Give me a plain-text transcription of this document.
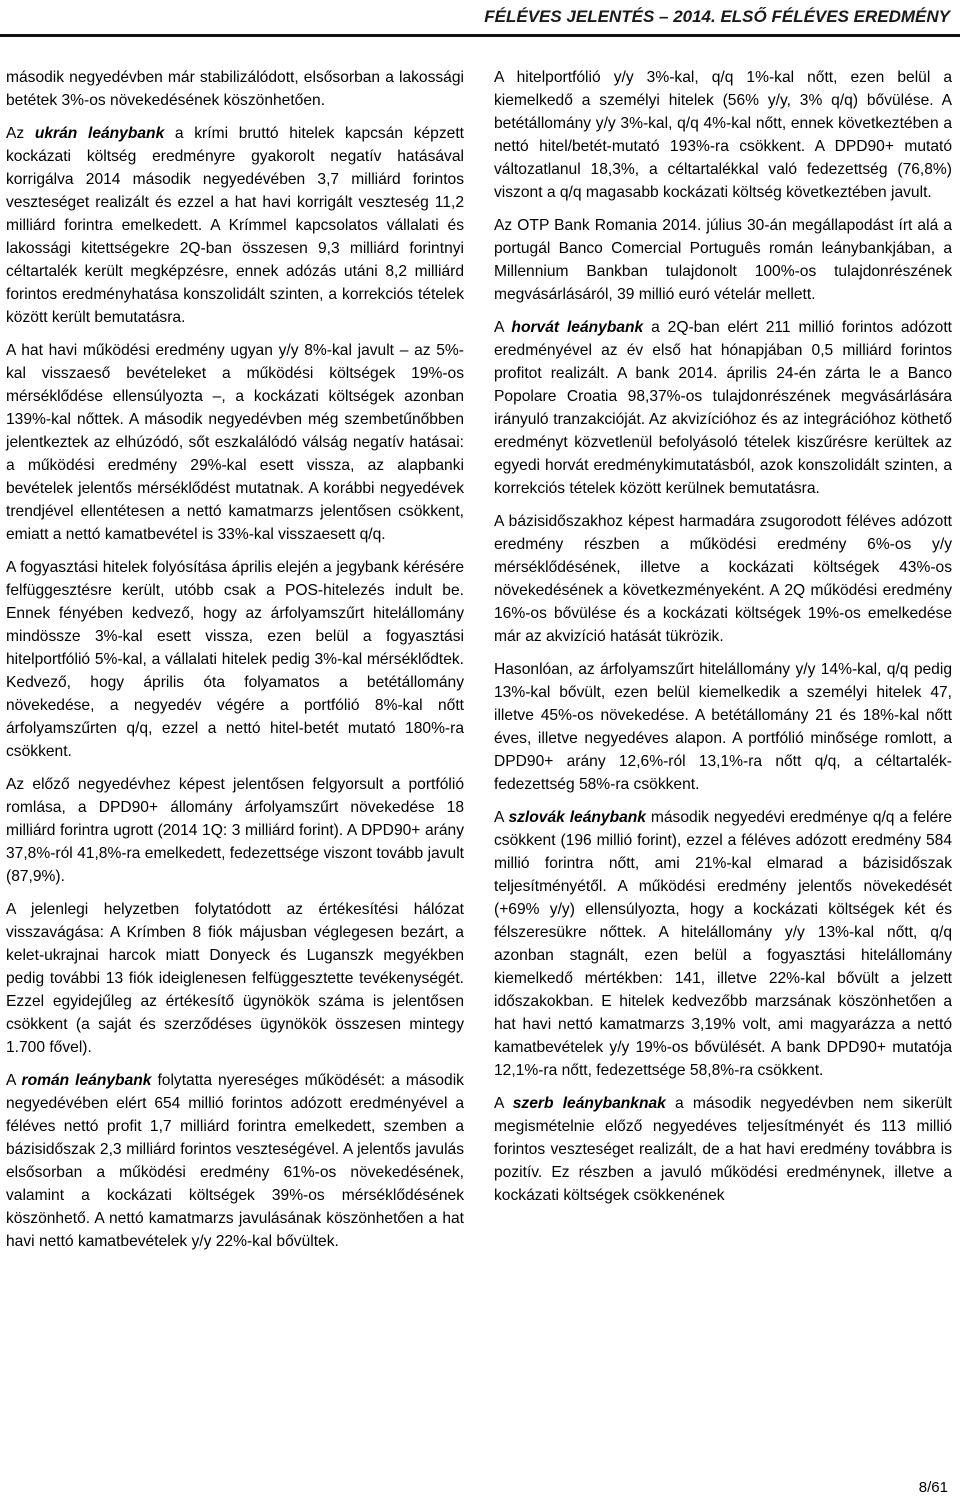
FÉLÉVES JELENTÉS – 2014. ELSŐ FÉLÉVES EREDMÉNY

második negyedévben már stabilizálódott, elsősorban a lakossági betétek 3%-os növekedésének köszönhetően.

Az ukrán leánybank a krími bruttó hitelek kapcsán képzett kockázati költség eredményre gyakorolt negatív hatásával korrigálva 2014 második negyedévében 3,7 milliárd forintos veszteséget realizált és ezzel a hat havi korrigált veszteség 11,2 milliárd forintra emelkedett. A Krímmel kapcsolatos vállalati és lakossági kitettségekre 2Q-ban összesen 9,3 milliárd forintnyi céltartalék került megképzésre, ennek adózás utáni 8,2 milliárd forintos eredményhatása konszolidált szinten, a korrekciós tételek között került bemutatásra.

A hat havi működési eredmény ugyan y/y 8%-kal javult – az 5%-kal visszaeső bevételeket a működési költségek 19%-os mérséklődése ellensúlyozta –, a kockázati költségek azonban 139%-kal nőttek. A második negyedévben még szembetűnőbben jelentkeztek az elhúzódó, sőt eszkalálódó válság negatív hatásai: a működési eredmény 29%-kal esett vissza, az alapbanki bevételek jelentős mérséklődést mutatnak. A korábbi negyedévek trendjével ellentétesen a nettó kamatmarzs jelentősen csökkent, emiatt a nettó kamatbevétel is 33%-kal visszaesett q/q.

A fogyasztási hitelek folyósítása április elején a jegybank kérésére felfüggesztésre került, utóbb csak a POS-hitelezés indult be. Ennek fényében kedvező, hogy az árfolyamszűrt hitelállomány mindössze 3%-kal esett vissza, ezen belül a fogyasztási hitelportfólió 5%-kal, a vállalati hitelek pedig 3%-kal mérséklődtek. Kedvező, hogy április óta folyamatos a betétállomány növekedése, a negyedév végére a portfólió 8%-kal nőtt árfolyamszűrten q/q, ezzel a nettó hitel-betét mutató 180%-ra csökkent.

Az előző negyedévhez képest jelentősen felgyorsult a portfólió romlása, a DPD90+ állomány árfolyamszűrt növekedése 18 milliárd forintra ugrott (2014 1Q: 3 milliárd forint). A DPD90+ arány 37,8%-ról 41,8%-ra emelkedett, fedezettsége viszont tovább javult (87,9%).

A jelenlegi helyzetben folytatódott az értékesítési hálózat visszavágása: A Krímben 8 fiók májusban véglegesen bezárt, a kelet-ukrajnai harcok miatt Donyeck és Luganszk megyékben pedig további 13 fiók ideiglenesen felfüggesztette tevékenységét. Ezzel egyidejűleg az értékesítő ügynökök száma is jelentősen csökkent (a saját és szerződéses ügynökök összesen mintegy 1.700 fővel).

A román leánybank folytatta nyereséges működését: a második negyedévében elért 654 millió forintos adózott eredményével a féléves nettó profit 1,7 milliárd forintra emelkedett, szemben a bázisidőszak 2,3 milliárd forintos veszteségével. A jelentős javulás elsősorban a működési eredmény 61%-os növekedésének, valamint a kockázati költségek 39%-os mérséklődésének köszönhető. A nettó kamatmarzs javulásának köszönhetően a hat havi nettó kamatbevételek y/y 22%-kal bővültek.

A hitelportfólió y/y 3%-kal, q/q 1%-kal nőtt, ezen belül a kiemelkedő a személyi hitelek (56% y/y, 3% q/q) bővülése. A betétállomány y/y 3%-kal, q/q 4%-kal nőtt, ennek következtében a nettó hitel/betét-mutató 193%-ra csökkent. A DPD90+ mutató változatlanul 18,3%, a céltartalékkal való fedezettség (76,8%) viszont a q/q magasabb kockázati költség következtében javult.

Az OTP Bank Romania 2014. július 30-án megállapodást írt alá a portugál Banco Comercial Português román leánybankjában, a Millennium Bankban tulajdonolt 100%-os tulajdonrészének megvásárlásáról, 39 millió euró vételár mellett.

A horvát leánybank a 2Q-ban elért 211 millió forintos adózott eredményével az év első hat hónapjában 0,5 milliárd forintos profitot realizált. A bank 2014. április 24-én zárta le a Banco Popolare Croatia 98,37%-os tulajdonrészének megvásárlására irányuló tranzakcióját. Az akvizícióhoz és az integrációhoz köthető eredményt közvetlenül befolyásoló tételek kiszűrésre kerültek az egyedi horvát eredménykimutatásból, azok konszolidált szinten, a korrekciós tételek között kerülnek bemutatásra.

A bázisidőszakhoz képest harmadára zsugorodott féléves adózott eredmény részben a működési eredmény 6%-os y/y mérséklődésének, illetve a kockázati költségek 43%-os növekedésének a következményeként. A 2Q működési eredmény 16%-os bővülése és a kockázati költségek 19%-os emelkedése már az akvizíció hatását tükrözik.

Hasonlóan, az árfolyamszűrt hitelállomány y/y 14%-kal, q/q pedig 13%-kal bővült, ezen belül kiemelkedik a személyi hitelek 47, illetve 45%-os növekedése. A betétállomány 21 és 18%-kal nőtt éves, illetve negyedéves alapon. A portfólió minősége romlott, a DPD90+ arány 12,6%-ról 13,1%-ra nőtt q/q, a céltartalék-fedezettség 58%-ra csökkent.

A szlovák leánybank második negyedévi eredménye q/q a felére csökkent (196 millió forint), ezzel a féléves adózott eredmény 584 millió forintra nőtt, ami 21%-kal elmarad a bázisidőszak teljesítményétől. A működési eredmény jelentős növekedését (+69% y/y) ellensúlyozta, hogy a kockázati költségek két és félszeresükre nőttek. A hitelállomány y/y 13%-kal nőtt, q/q azonban stagnált, ezen belül a fogyasztási hitelállomány kiemelkedő mértékben: 141, illetve 22%-kal bővült a jelzett időszakokban. E hitelek kedvezőbb marzsának köszönhetően a hat havi nettó kamatmarzs 3,19% volt, ami magyarázza a nettó kamatbevételek y/y 19%-os bővülését. A bank DPD90+ mutatója 12,1%-ra nőtt, fedezettsége 58,8%-ra csökkent.

A szerb leánybanknak a második negyedévben nem sikerült megismételnie előző negyedéves teljesítményét és 113 millió forintos veszteséget realizált, de a hat havi eredmény továbbra is pozitív. Ez részben a javuló működési eredménynek, illetve a kockázati költségek csökkenének

8/61
